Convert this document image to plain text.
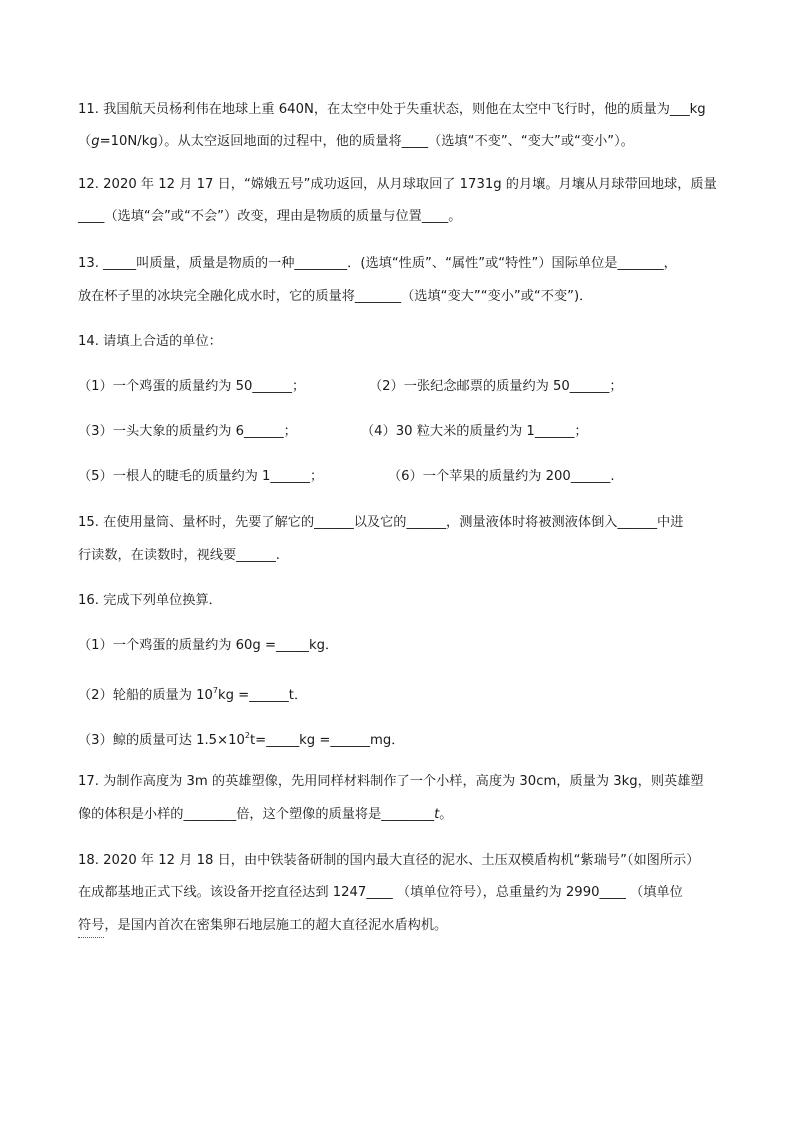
11. 我国航天员杨利伟在地球上重 640N，在太空中处于失重状态，则他在太空中飞行时，他的质量为___kg
（g=10N/kg）。从太空返回地面的过程中，他的质量将____（选填“不变”、“变大”或“变小”）。
12. 2020 年 12 月 17 日，“嫦娥五号”成功返回，从月球取回了 1731g 的月壤。月壤从月球带回地球，质量
____（选填“会”或“不会”）改变，理由是物质的质量与位置____。
13. _____叫质量，质量是物质的一种________．(选填“性质”、“属性”或“特性”）国际单位是_______，
放在杯子里的冰块完全融化成水时，它的质量将_______（选填“变大”“变小”或“不变”)．
14. 请填上合适的单位：
（1）一个鸡蛋的质量约为 50______；	（2）一张纪念邮票的质量约为 50______；
（3）一头大象的质量约为 6______；	（4）30 粒大米的质量约为 1______；
（5）一根人的睫毛的质量约为 1______；	（6）一个苹果的质量约为 200______.
15. 在使用量筒、量杯时，先要了解它的______以及它的______，测量液体时将被测液体倒入______中进
行读数，在读数时，视线要______.
16. 完成下列单位换算．
（1）一个鸡蛋的质量约为 60g =_____kg．
（2）轮船的质量为 $10^7kg$ =______t．
（3）鲸的质量可达 $1.5\times 10^2t=\_\_\_\_\_kg$ =______mg．
17. 为制作高度为 3m 的英雄塑像，先用同样材料制作了一个小样，高度为 30cm，质量为 3kg，则英雄塑
像的体积是小样的________倍，这个塑像的质量将是________t。
18. 2020 年 12 月 18 日，由中铁装备研制的国内最大直径的泥水、土压双模盾构机“紫瑞号”（如图所示）
在成都基地正式下线。该设备开挖直径达到 1247____ （填单位符号），总重量约为 2990____ （填单位
符号，是国内首次在密集卵石地层施工的超大直径泥水盾构机。
